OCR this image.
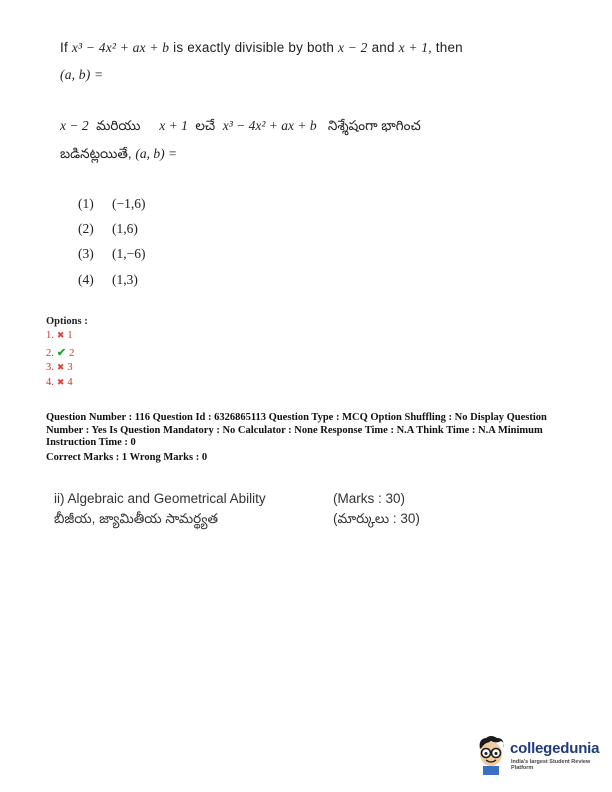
If x³ − 4x² + ax + b is exactly divisible by both x − 2 and x + 1, then
(a, b) =
x − 2 మరియు x + 1 లచే x³ − 4x² + ax + b నిశ్శేషంగా భాగించ
బడినట్లయితే, (a, b) =
(1) (−1,6)
(2) (1,6)
(3) (1,−6)
(4) (1,3)
Options :
1. ✖ 1
2. ✔ 2
3. ✖ 3
4. ✖ 4
Question Number : 116 Question Id : 6326865113 Question Type : MCQ Option Shuffling : No Display Question Number : Yes Is Question Mandatory : No Calculator : None Response Time : N.A Think Time : N.A Minimum Instruction Time : 0
Correct Marks : 1 Wrong Marks : 0
ii) Algebraic and Geometrical Ability
బీజీయ, జ్యామితీయ సామర్థ్యత
(Marks : 30)
(మార్కులు : 30)
collegedunia
India's largest Student Review Platform
